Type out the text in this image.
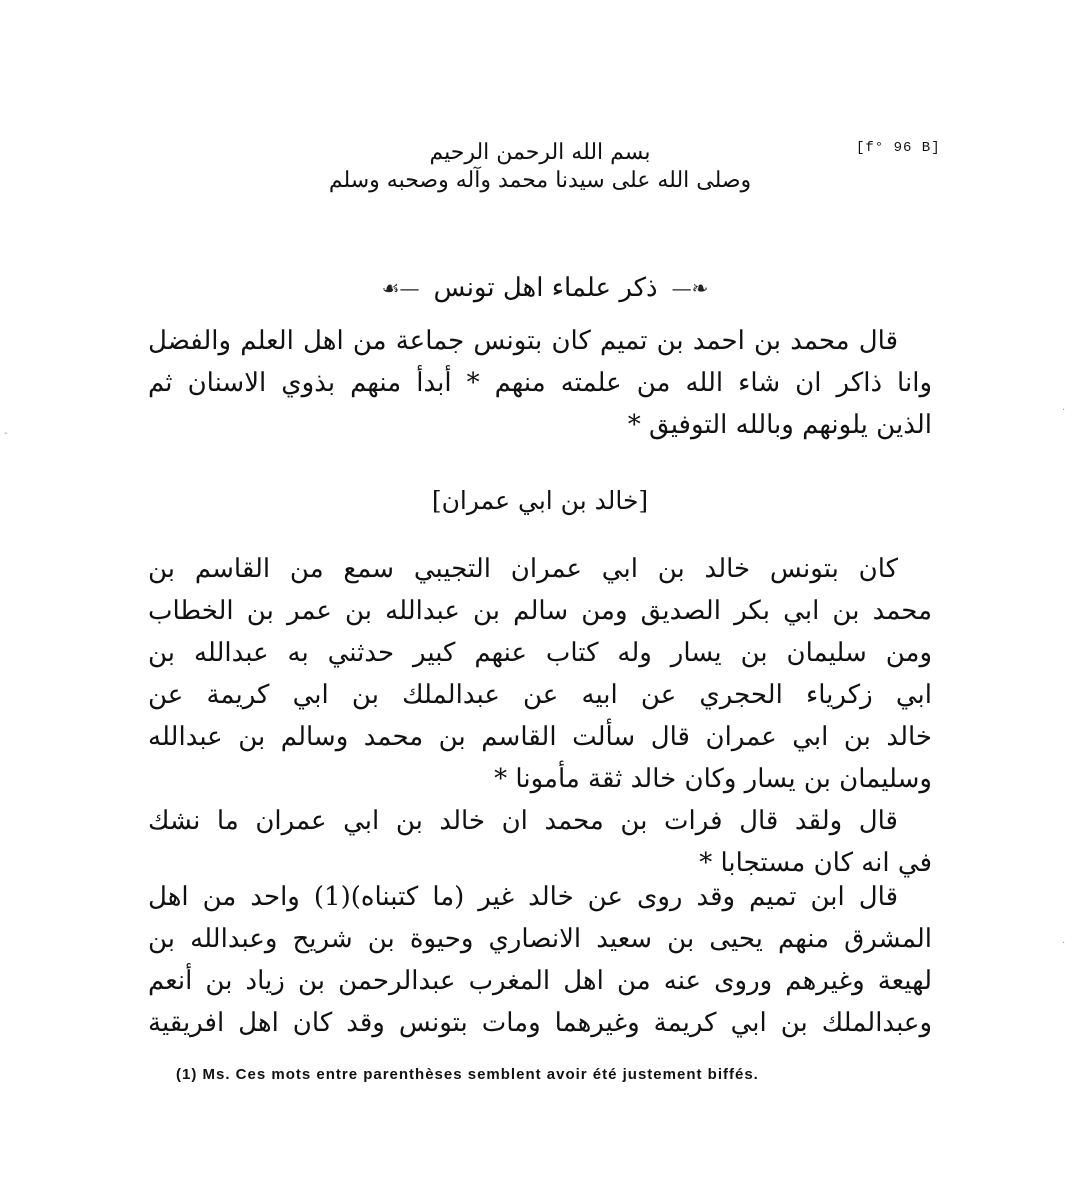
[f° 96 B]
بسم الله الرحمن الرحيم
وصلى الله على سيدنا محمد وآله وصحبه وسلم
❧—
ذكر علماء اهل تونس
—☙
قال محمد بن احمد بن تميم كان بتونس جماعة من اهل العلم والفضل
وانا ذاكر ان شاء الله من علمته منهم * أبدأ منهم بذوي الاسنان ثم
الذين يلونهم وبالله التوفيق *
[خالد بن ابي عمران]
كان بتونس خالد بن ابي عمران التجيبي سمع من القاسم بن
محمد بن ابي بكر الصديق ومن سالم بن عبدالله بن عمر بن الخطاب
ومن سليمان بن يسار وله كتاب عنهم كبير حدثني به عبدالله بن
ابي زكرياء الحجري عن ابيه عن عبدالملك بن ابي كريمة عن
خالد بن ابي عمران قال سألت القاسم بن محمد وسالم بن عبدالله
وسليمان بن يسار وكان خالد ثقة مأمونا *
قال ولقد قال فرات بن محمد ان خالد بن ابي عمران ما نشك
في انه كان مستجابا *
قال ابن تميم وقد روى عن خالد غير (ما كتبناه)(1) واحد من اهل
المشرق منهم يحيى بن سعيد الانصاري وحيوة بن شريح وعبدالله بن
لهيعة وغيرهم وروى عنه من اهل المغرب عبدالرحمن بن زياد بن أنعم
وعبدالملك بن ابي كريمة وغيرهما ومات بتونس وقد كان اهل افريقية
(1) Ms. Ces mots entre parenthèses semblent avoir été justement biffés.
‐
·
·
